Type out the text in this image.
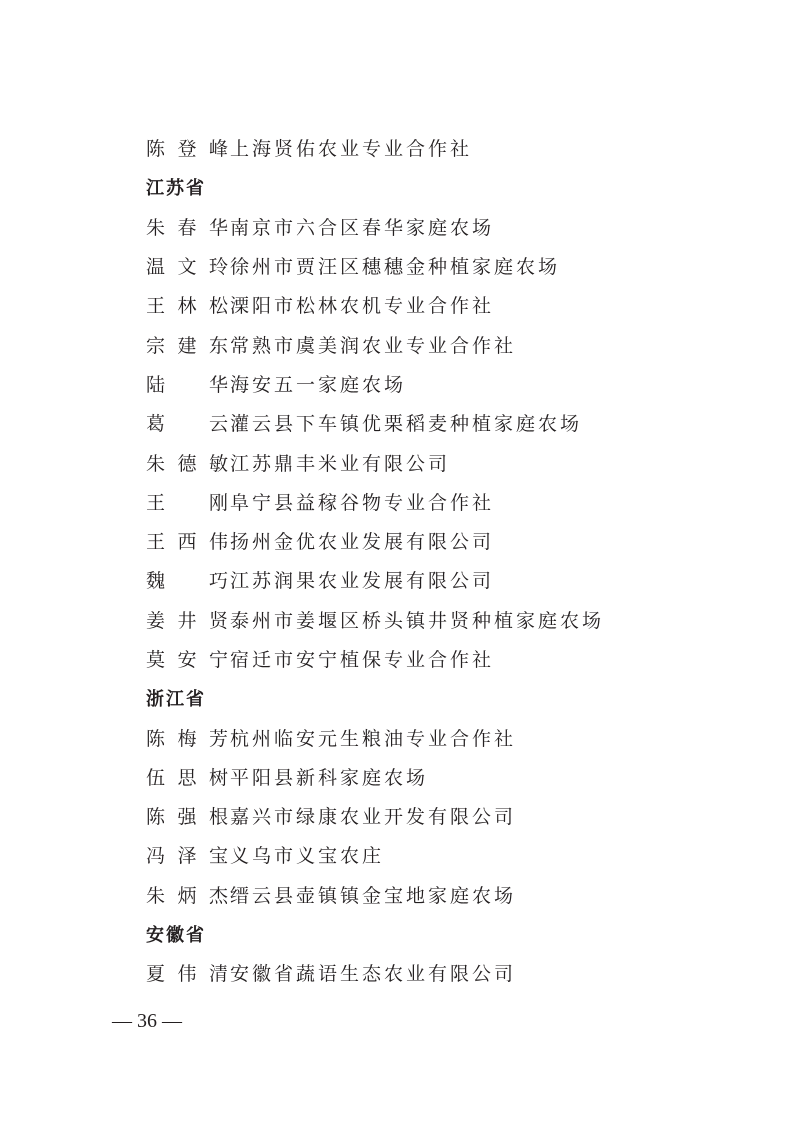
陈登峰 上海贤佑农业专业合作社
江苏省
朱春华 南京市六合区春华家庭农场
温文玲 徐州市贾汪区穗穗金种植家庭农场
王林松 溧阳市松林农机专业合作社
宗建东 常熟市虞美润农业专业合作社
陆华 海安五一家庭农场
葛云 灌云县下车镇优栗稻麦种植家庭农场
朱德敏 江苏鼎丰米业有限公司
王刚 阜宁县益稼谷物专业合作社
王西伟 扬州金优农业发展有限公司
魏巧 江苏润果农业发展有限公司
姜井贤 泰州市姜堰区桥头镇井贤种植家庭农场
莫安宁 宿迁市安宁植保专业合作社
浙江省
陈梅芳 杭州临安元生粮油专业合作社
伍思树 平阳县新科家庭农场
陈强根 嘉兴市绿康农业开发有限公司
冯泽宝 义乌市义宝农庄
朱炳杰 缙云县壶镇镇金宝地家庭农场
安徽省
夏伟清 安徽省蔬语生态农业有限公司
— 36 —
